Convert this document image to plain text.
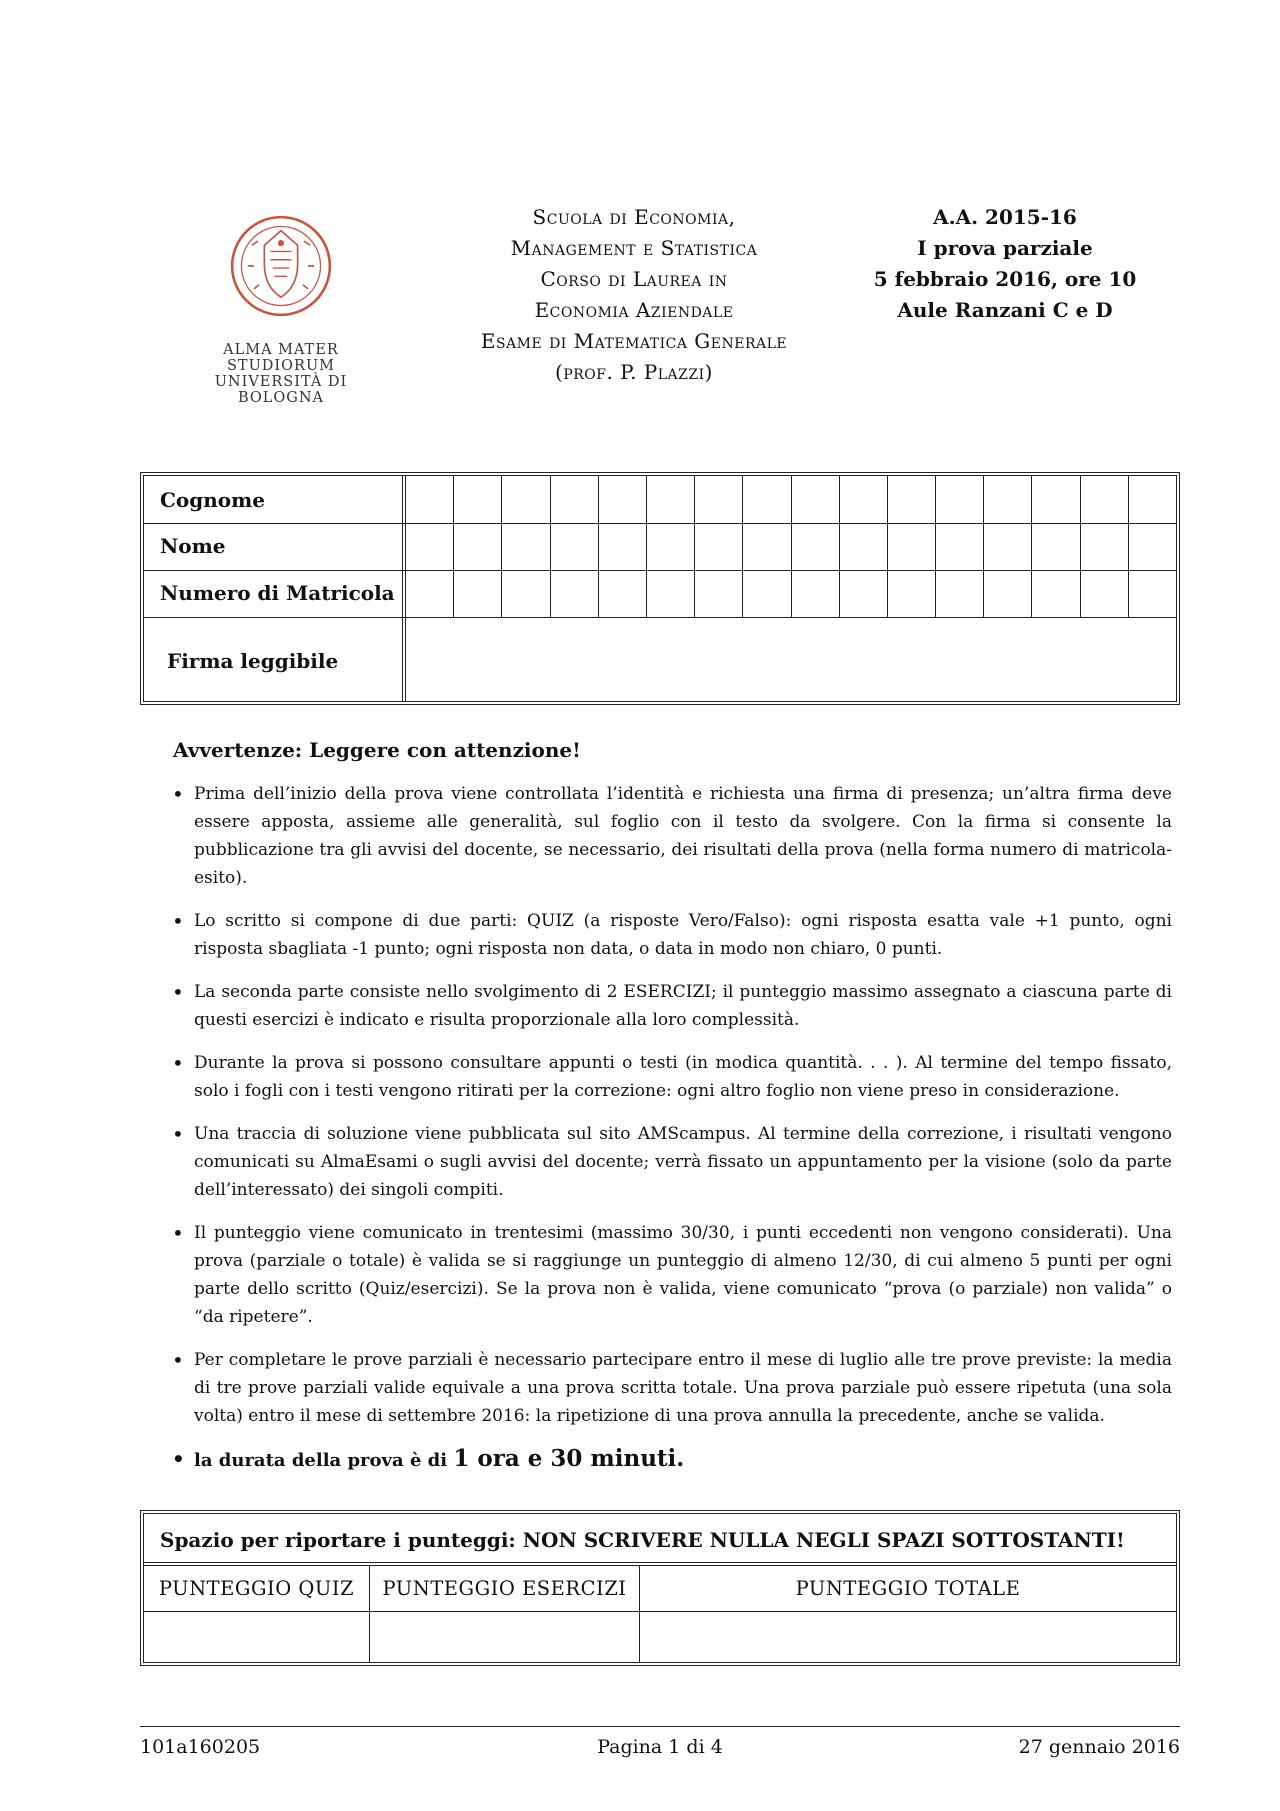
ALMA MATER STUDIORUM
UNIVERSITÀ DI BOLOGNA
Scuola di Economia,
Management e Statistica
Corso di Laurea in
Economia Aziendale
Esame di Matematica Generale
(prof. P. Plazzi)
A.A. 2015-16
I prova parziale
5 febbraio 2016, ore 10
Aule Ranzani C e D
Cognome
Nome
Numero di Matricola
Firma leggibile
Avvertenze: Leggere con attenzione!
• Prima dell’inizio della prova viene controllata l’identità e richiesta una firma di presenza; un’altra firma deve essere apposta, assieme alle generalità, sul foglio con il testo da svolgere. Con la firma si consente la pubblicazione tra gli avvisi del docente, se necessario, dei risultati della prova (nella forma numero di matricola-esito).
• Lo scritto si compone di due parti: QUIZ (a risposte Vero/Falso): ogni risposta esatta vale +1 punto, ogni risposta sbagliata -1 punto; ogni risposta non data, o data in modo non chiaro, 0 punti.
• La seconda parte consiste nello svolgimento di 2 ESERCIZI; il punteggio massimo assegnato a ciascuna parte di questi esercizi è indicato e risulta proporzionale alla loro complessità.
• Durante la prova si possono consultare appunti o testi (in modica quantità. . . ). Al termine del tempo fissato, solo i fogli con i testi vengono ritirati per la correzione: ogni altro foglio non viene preso in considerazione.
• Una traccia di soluzione viene pubblicata sul sito AMScampus. Al termine della correzione, i risultati vengono comunicati su AlmaEsami o sugli avvisi del docente; verrà fissato un appuntamento per la visione (solo da parte dell’interessato) dei singoli compiti.
• Il punteggio viene comunicato in trentesimi (massimo 30/30, i punti eccedenti non vengono considerati). Una prova (parziale o totale) è valida se si raggiunge un punteggio di almeno 12/30, di cui almeno 5 punti per ogni parte dello scritto (Quiz/esercizi). Se la prova non è valida, viene comunicato “prova (o parziale) non valida” o “da ripetere”.
• Per completare le prove parziali è necessario partecipare entro il mese di luglio alle tre prove previste: la media di tre prove parziali valide equivale a una prova scritta totale. Una prova parziale può essere ripetuta (una sola volta) entro il mese di settembre 2016: la ripetizione di una prova annulla la precedente, anche se valida.
• la durata della prova è di 1 ora e 30 minuti.
Spazio per riportare i punteggi: NON SCRIVERE NULLA NEGLI SPAZI SOTTOSTANTI!
PUNTEGGIO QUIZ	PUNTEGGIO ESERCIZI	PUNTEGGIO TOTALE
101a160205	Pagina 1 di 4	27 gennaio 2016
